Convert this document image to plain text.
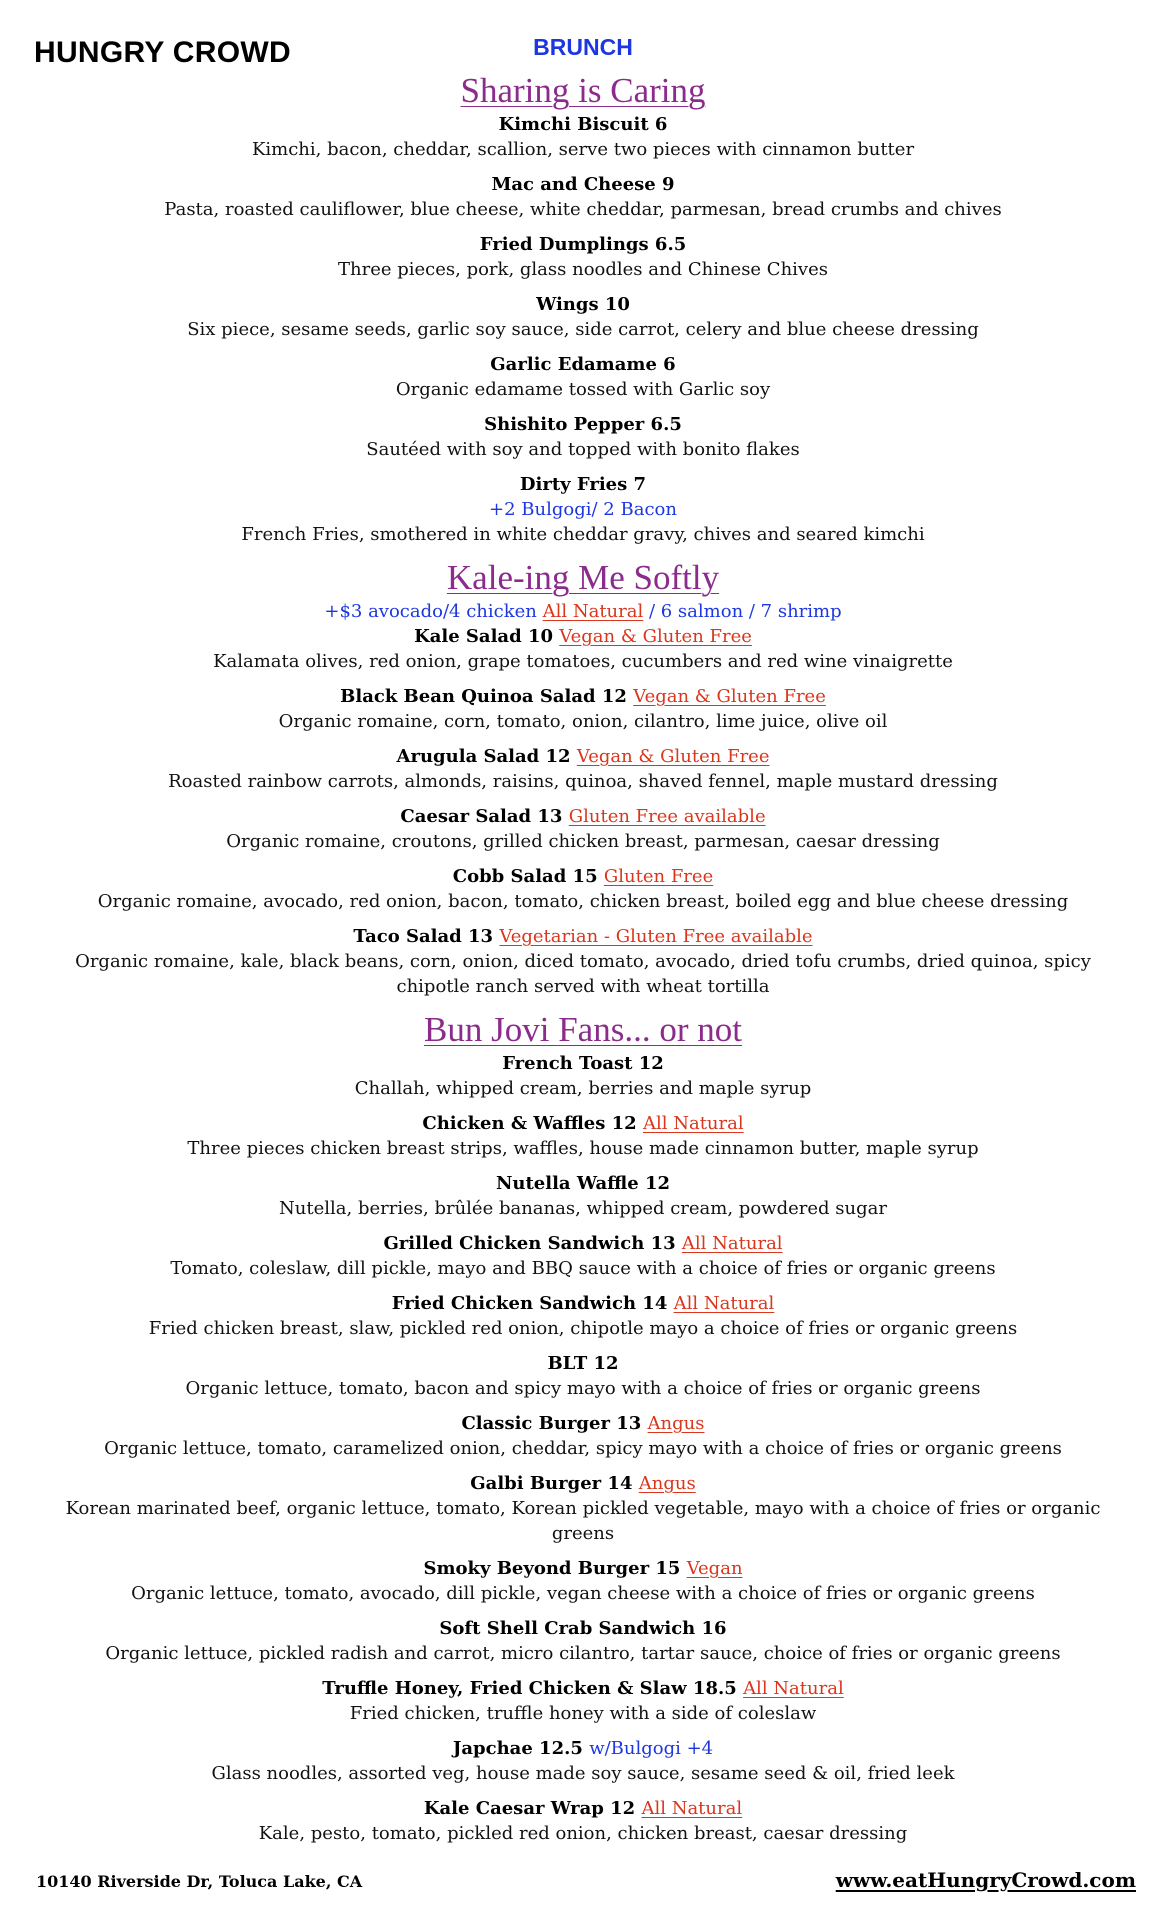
HUNGRY CROWD	BRUNCH
Sharing is Caring
Kimchi Biscuit 6
Kimchi, bacon, cheddar, scallion, serve two pieces with cinnamon butter
Mac and Cheese 9
Pasta, roasted cauliflower, blue cheese, white cheddar, parmesan, bread crumbs and chives
Fried Dumplings 6.5
Three pieces, pork, glass noodles and Chinese Chives
Wings 10
Six piece, sesame seeds, garlic soy sauce, side carrot, celery and blue cheese dressing
Garlic Edamame 6
Organic edamame tossed with Garlic soy
Shishito Pepper 6.5
Sautéed with soy and topped with bonito flakes
Dirty Fries 7
+2 Bulgogi/ 2 Bacon
French Fries, smothered in white cheddar gravy, chives and seared kimchi
Kale-ing Me Softly
+$3 avocado/4 chicken All Natural / 6 salmon / 7 shrimp
Kale Salad 10 Vegan & Gluten Free
Kalamata olives, red onion, grape tomatoes, cucumbers and red wine vinaigrette
Black Bean Quinoa Salad 12 Vegan & Gluten Free
Organic romaine, corn, tomato, onion, cilantro, lime juice, olive oil
Arugula Salad 12 Vegan & Gluten Free
Roasted rainbow carrots, almonds, raisins, quinoa, shaved fennel, maple mustard dressing
Caesar Salad 13 Gluten Free available
Organic romaine, croutons, grilled chicken breast, parmesan, caesar dressing
Cobb Salad 15 Gluten Free
Organic romaine, avocado, red onion, bacon, tomato, chicken breast, boiled egg and blue cheese dressing
Taco Salad 13 Vegetarian - Gluten Free available
Organic romaine, kale, black beans, corn, onion, diced tomato, avocado, dried tofu crumbs, dried quinoa, spicy chipotle ranch served with wheat tortilla
Bun Jovi Fans... or not
French Toast 12
Challah, whipped cream, berries and maple syrup
Chicken & Waffles 12 All Natural
Three pieces chicken breast strips, waffles, house made cinnamon butter, maple syrup
Nutella Waffle 12
Nutella, berries, brûlée bananas, whipped cream, powdered sugar
Grilled Chicken Sandwich 13 All Natural
Tomato, coleslaw, dill pickle, mayo and BBQ sauce with a choice of fries or organic greens
Fried Chicken Sandwich 14 All Natural
Fried chicken breast, slaw, pickled red onion, chipotle mayo a choice of fries or organic greens
BLT 12
Organic lettuce, tomato, bacon and spicy mayo with a choice of fries or organic greens
Classic Burger 13 Angus
Organic lettuce, tomato, caramelized onion, cheddar, spicy mayo with a choice of fries or organic greens
Galbi Burger 14 Angus
Korean marinated beef, organic lettuce, tomato, Korean pickled vegetable, mayo with a choice of fries or organic greens
Smoky Beyond Burger 15 Vegan
Organic lettuce, tomato, avocado, dill pickle, vegan cheese with a choice of fries or organic greens
Soft Shell Crab Sandwich 16
Organic lettuce, pickled radish and carrot, micro cilantro, tartar sauce, choice of fries or organic greens
Truffle Honey, Fried Chicken & Slaw 18.5 All Natural
Fried chicken, truffle honey with a side of coleslaw
Japchae 12.5 w/Bulgogi +4
Glass noodles, assorted veg, house made soy sauce, sesame seed & oil, fried leek
Kale Caesar Wrap 12 All Natural
Kale, pesto, tomato, pickled red onion, chicken breast, caesar dressing
10140 Riverside Dr, Toluca Lake, CA	www.eatHungryCrowd.com
